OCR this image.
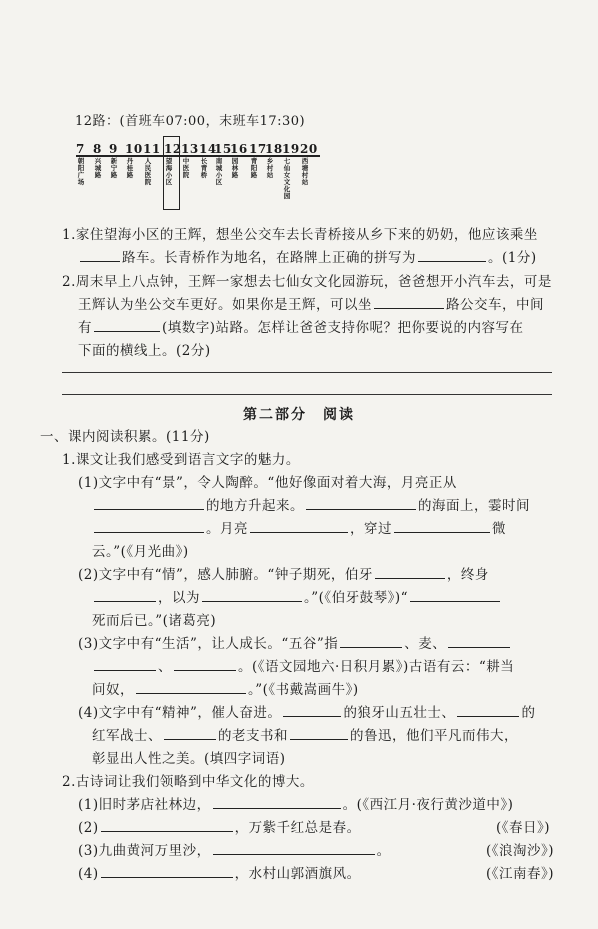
12路：(首班车07:00，末班车17:30)
7
朝阳广场
8
兴城路
9
新宁路
10
丹桂路
11
人民医院
12
望海小区
13
中医院
14
长青桥
15
南城小区
16
园林路
17
青阳路
18
乡村站
19
七仙女文化园
20
西塘村站
1.家住望海小区的王辉，想坐公交车去长青桥接从乡下来的奶奶，他应该乘坐
路车。长青桥作为地名，在路牌上正确的拼写为	。(1分)
2.周末早上八点钟，王辉一家想去七仙女文化园游玩，爸爸想开小汽车去，可是
王辉认为坐公交车更好。如果你是王辉，可以坐	路公交车，中间
有	(填数字)站路。怎样让爸爸支持你呢？把你要说的内容写在
下面的横线上。(2分)
第二部分　阅读
一、课内阅读积累。(11分)
1.课文让我们感受到语言文字的魅力。
(1)文字中有“景”，令人陶醉。“他好像面对着大海，月亮正从
的地方升起来。	的海面上，霎时间
。月亮	，穿过	微
云。”(《月光曲》)
(2)文字中有“情”，感人肺腑。“钟子期死，伯牙	，终身
，以为	。”(《伯牙鼓琴》)“
死而后已。”(诸葛亮)
(3)文字中有“生活”，让人成长。“五谷”指	、麦、
、	。(《语文园地六·日积月累》)古语有云：“耕当
问奴，	。”(《书戴嵩画牛》)
(4)文字中有“精神”，催人奋进。	的狼牙山五壮士、	的
红军战士、	的老支书和	的鲁迅，他们平凡而伟大，
彰显出人性之美。(填四字词语)
2.古诗词让我们领略到中华文化的博大。
(1)旧时茅店社林边，	。(《西江月·夜行黄沙道中》)
(2)	，万紫千红总是春。	(《春日》)
(3)九曲黄河万里沙，	。	(《浪淘沙》)
(4)	，水村山郭酒旗风。	(《江南春》)
